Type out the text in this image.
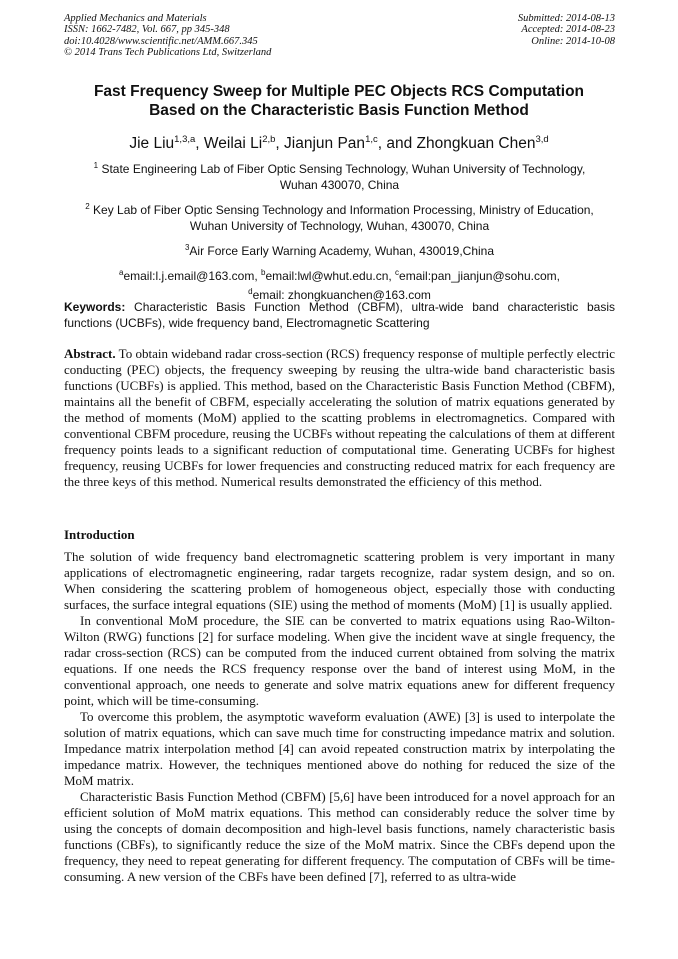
Applied Mechanics and Materials
ISSN: 1662-7482, Vol. 667, pp 345-348
doi:10.4028/www.scientific.net/AMM.667.345
© 2014 Trans Tech Publications Ltd, Switzerland
Submitted: 2014-08-13
Accepted: 2014-08-23
Online: 2014-10-08
Fast Frequency Sweep for Multiple PEC Objects RCS Computation
Based on the Characteristic Basis Function Method
Jie Liu$^{1,3,a}$, Weilai Li$^{2,b}$, Jianjun Pan$^{1,c}$, and Zhongkuan Chen$^{3,d}$

$^1$ State Engineering Lab of Fiber Optic Sensing Technology, Wuhan University of Technology,
Wuhan 430070, China

$^2$ Key Lab of Fiber Optic Sensing Technology and Information Processing, Ministry of Education,
Wuhan University of Technology, Wuhan, 430070, China

$^3$Air Force Early Warning Academy, Wuhan, 430019,China

$^a$email:l.j.email@163.com, $^b$email:lwl@whut.edu.cn, $^c$email:pan_jianjun@sohu.com,
$^d$email: zhongkuanchen@163.com

Keywords: Characteristic Basis Function Method (CBFM), ultra-wide band characteristic basis functions (UCBFs), wide frequency band, Electromagnetic Scattering
Abstract. To obtain wideband radar cross-section (RCS) frequency response of multiple perfectly electric conducting (PEC) objects, the frequency sweeping by reusing the ultra-wide band characteristic basis functions (UCBFs) is applied. This method, based on the Characteristic Basis Function Method (CBFM), maintains all the benefit of CBFM, especially accelerating the solution of matrix equations generated by the method of moments (MoM) applied to the scatting problems in electromagnetics. Compared with conventional CBFM procedure, reusing the UCBFs without repeating the calculations of them at different frequency points leads to a significant reduction of computational time. Generating UCBFs for highest frequency, reusing UCBFs for lower frequencies and constructing reduced matrix for each frequency are the three keys of this method. Numerical results demonstrated the efficiency of this method.
Introduction

The solution of wide frequency band electromagnetic scattering problem is very important in many applications of electromagnetic engineering, radar targets recognize, radar system design, and so on. When considering the scattering problem of homogeneous object, especially those with conducting surfaces, the surface integral equations (SIE) using the method of moments (MoM) [1] is usually applied.

In conventional MoM procedure, the SIE can be converted to matrix equations using Rao-Wilton-Wilton (RWG) functions [2] for surface modeling. When give the incident wave at single frequency, the radar cross-section (RCS) can be computed from the induced current obtained from solving the matrix equations. If one needs the RCS frequency response over the band of interest using MoM, in the conventional approach, one needs to generate and solve matrix equations anew for different frequency point, which will be time-consuming.

To overcome this problem, the asymptotic waveform evaluation (AWE) [3] is used to interpolate the solution of matrix equations, which can save much time for constructing impedance matrix and solution. Impedance matrix interpolation method [4] can avoid repeated construction matrix by interpolating the impedance matrix. However, the techniques mentioned above do nothing for reduced the size of the MoM matrix.

Characteristic Basis Function Method (CBFM) [5,6] have been introduced for a novel approach for an efficient solution of MoM matrix equations. This method can considerably reduce the solver time by using the concepts of domain decomposition and high-level basis functions, namely characteristic basis functions (CBFs), to significantly reduce the size of the MoM matrix. Since the CBFs depend upon the frequency, they need to repeat generating for different frequency. The computation of CBFs will be time-consuming. A new version of the CBFs have been defined [7], referred to as ultra-wide
